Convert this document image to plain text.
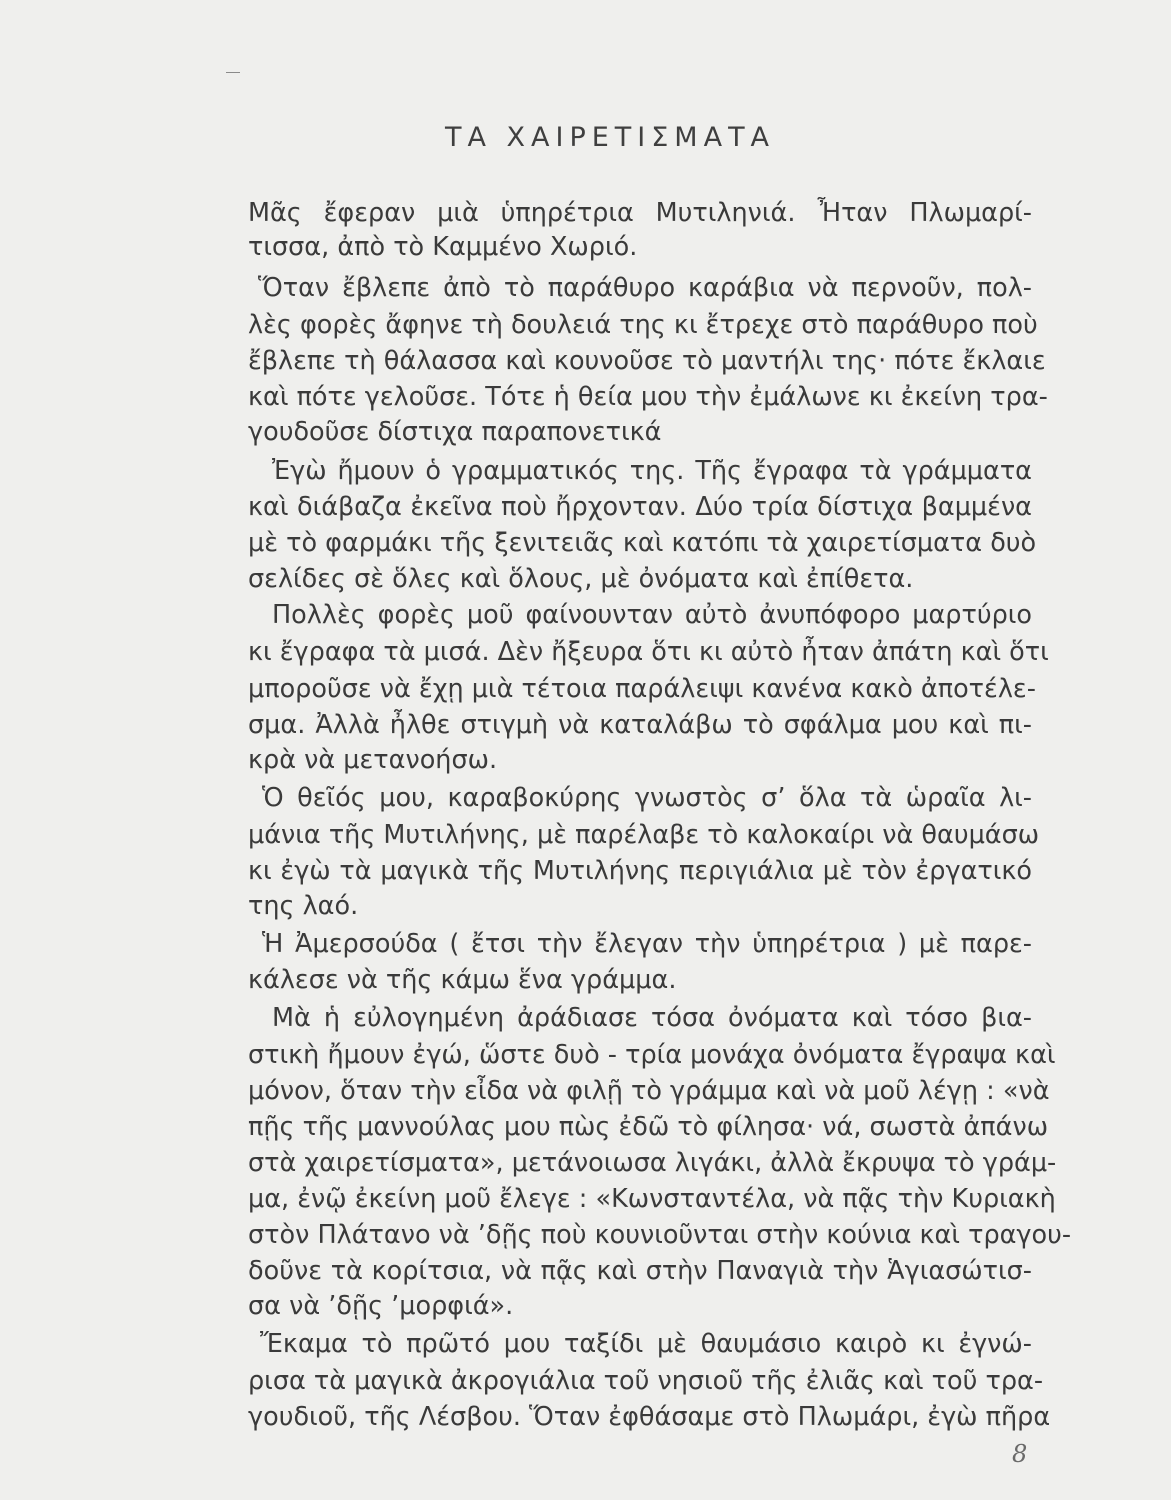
ΤΑ ΧΑΙΡΕΤΙΣΜΑΤΑ
Μᾶς ἔφεραν μιὰ ὑπηρέτρια Μυτιληνιά. Ἦταν Πλωμαρί-
τισσα, ἀπὸ τὸ Καμμένο Χωριό.
Ὅταν ἔβλεπε ἀπὸ τὸ παράθυρο καράβια νὰ περνοῦν, πολ-
λὲς φορὲς ἄφηνε τὴ δουλειά της κι ἔτρεχε στὸ παράθυρο ποὺ
ἔβλεπε τὴ θάλασσα καὶ κουνοῦσε τὸ μαντήλι της· πότε ἔκλαιε
καὶ πότε γελοῦσε. Τότε ἡ θεία μου τὴν ἐμάλωνε κι ἐκείνη τρα-
γουδοῦσε δίστιχα παραπονετικά
Ἐγὼ ἤμουν ὁ γραμματικός της. Τῆς ἔγραφα τὰ γράμματα
καὶ διάβαζα ἐκεῖνα ποὺ ἤρχονταν. Δύο τρία δίστιχα βαμμένα
μὲ τὸ φαρμάκι τῆς ξενιτειᾶς καὶ κατόπι τὰ χαιρετίσματα δυὸ
σελίδες σὲ ὅλες καὶ ὅλους, μὲ ὀνόματα καὶ ἐπίθετα.
Πολλὲς φορὲς μοῦ φαίνουνταν αὐτὸ ἀνυπόφορο μαρτύριο
κι ἔγραφα τὰ μισά. Δὲν ἤξευρα ὅτι κι αὐτὸ ἦταν ἀπάτη καὶ ὅτι
μποροῦσε νὰ ἔχῃ μιὰ τέτοια παράλειψι κανένα κακὸ ἀποτέλε-
σμα. Ἀλλὰ ἦλθε στιγμὴ νὰ καταλάβω τὸ σφάλμα μου καὶ πι-
κρὰ νὰ μετανοήσω.
Ὁ θεῖός μου, καραβοκύρης γνωστὸς σ’ ὅλα τὰ ὡραῖα λι-
μάνια τῆς Μυτιλήνης, μὲ παρέλαβε τὸ καλοκαίρι νὰ θαυμάσω
κι ἐγὼ τὰ μαγικὰ τῆς Μυτιλήνης περιγιάλια μὲ τὸν ἐργατικό
της λαό.
Ἡ Ἀμερσούδα ( ἔτσι τὴν ἔλεγαν τὴν ὑπηρέτρια ) μὲ παρε-
κάλεσε νὰ τῆς κάμω ἕνα γράμμα.
Μὰ ἡ εὐλογημένη ἀράδιασε τόσα ὀνόματα καὶ τόσο βια-
στικὴ ἤμουν ἐγώ, ὥστε δυὸ - τρία μονάχα ὀνόματα ἔγραψα καὶ
μόνον, ὅταν τὴν εἶδα νὰ φιλῇ τὸ γράμμα καὶ νὰ μοῦ λέγῃ : «νὰ
πῇς τῆς μαννούλας μου πὼς ἐδῶ τὸ φίλησα· νά, σωστὰ ἀπάνω
στὰ χαιρετίσματα», μετάνοιωσα λιγάκι, ἀλλὰ ἔκρυψα τὸ γράμ-
μα, ἐνῷ ἐκείνη μοῦ ἔλεγε : «Κωνσταντέλα, νὰ πᾷς τὴν Κυριακὴ
στὸν Πλάτανο νὰ ’δῇς ποὺ κουνιοῦνται στὴν κούνια καὶ τραγου-
δοῦνε τὰ κορίτσια, νὰ πᾷς καὶ στὴν Παναγιὰ τὴν Ἁγιασώτισ-
σα νὰ ’δῇς ’μορφιά».
Ἔκαμα τὸ πρῶτό μου ταξίδι μὲ θαυμάσιο καιρὸ κι ἐγνώ-
ρισα τὰ μαγικὰ ἀκρογιάλια τοῦ νησιοῦ τῆς ἐλιᾶς καὶ τοῦ τρα-
γουδιοῦ, τῆς Λέσβου. Ὅταν ἐφθάσαμε στὸ Πλωμάρι, ἐγὼ πῆρα
8
